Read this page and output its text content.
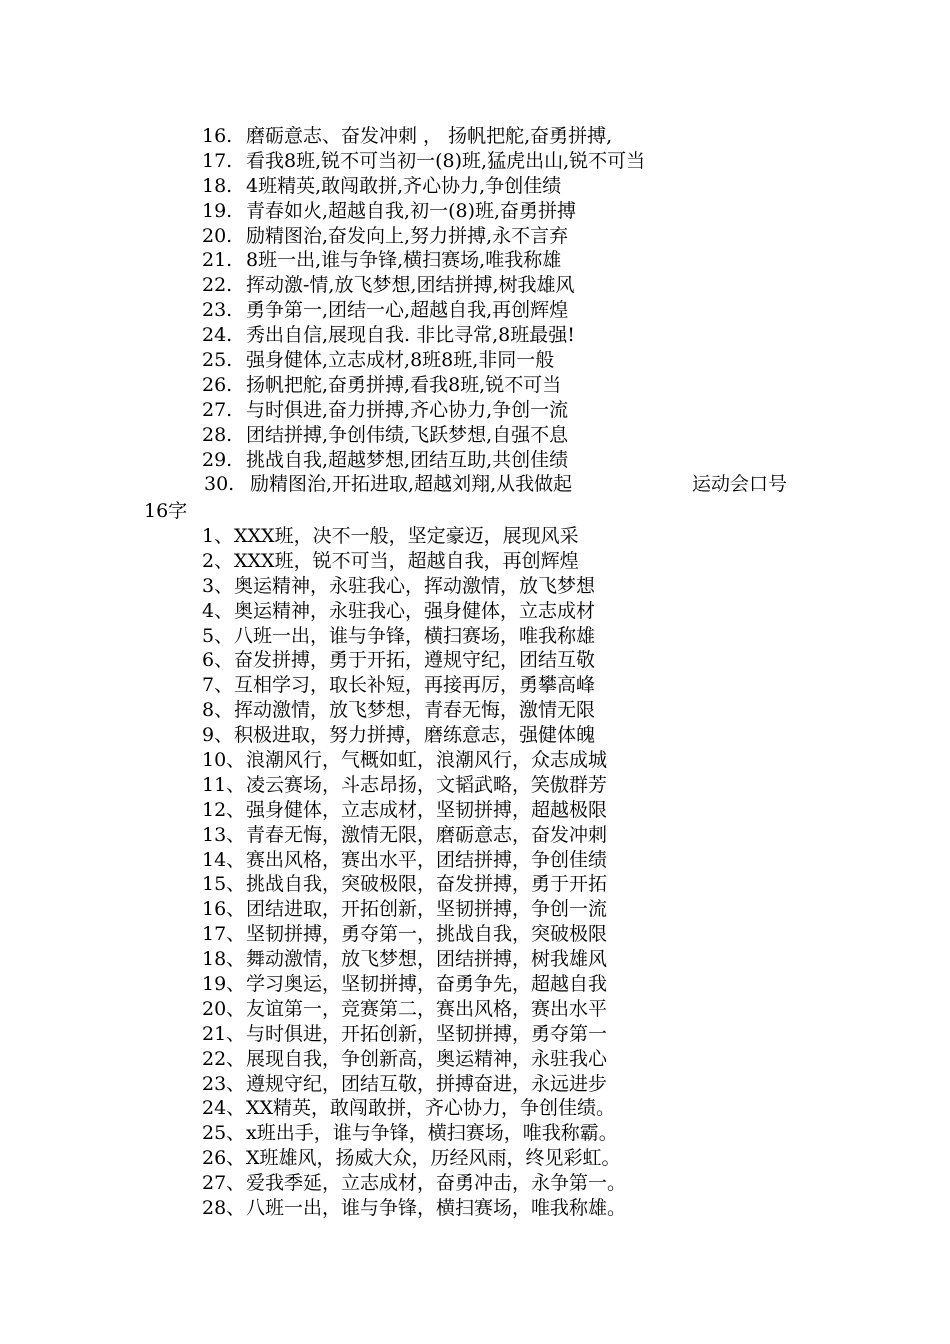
16. 磨砺意志、奋发冲刺 ， 扬帆把舵,奋勇拼搏,
17. 看我8班,锐不可当初一(8)班,猛虎出山,锐不可当
18. 4班精英,敢闯敢拼,齐心协力,争创佳绩
19. 青春如火,超越自我,初一(8)班,奋勇拼搏
20. 励精图治,奋发向上,努力拼搏,永不言弃
21. 8班一出,谁与争锋,横扫赛场,唯我称雄
22. 挥动激-情,放飞梦想,团结拼搏,树我雄风
23. 勇争第一,团结一心,超越自我,再创辉煌
24. 秀出自信,展现自我. 非比寻常,8班最强!
25. 强身健体,立志成材,8班8班,非同一般
26. 扬帆把舵,奋勇拼搏,看我8班,锐不可当
27. 与时俱进,奋力拼搏,齐心协力,争创一流
28. 团结拼搏,争创伟绩,飞跃梦想,自强不息
29. 挑战自我,超越梦想,团结互助,共创佳绩
30. 励精图治,开拓进取,超越刘翔,从我做起	运动会口号
16字
1、 XXX班，决不一般，坚定豪迈，展现风采
2、 XXX班，锐不可当，超越自我，再创辉煌
3、 奥运精神，永驻我心，挥动激情，放飞梦想
4、 奥运精神，永驻我心，强身健体，立志成材
5、 八班一出，谁与争锋，横扫赛场，唯我称雄
6、 奋发拼搏，勇于开拓，遵规守纪，团结互敬
7、 互相学习，取长补短，再接再厉，勇攀高峰
8、 挥动激情，放飞梦想，青春无悔，激情无限
9、 积极进取，努力拼搏，磨练意志，强健体魄
10、 浪潮风行，气概如虹，浪潮风行，众志成城
11、 凌云赛场，斗志昂扬，文韬武略，笑傲群芳
12、 强身健体，立志成材，坚韧拼搏，超越极限
13、 青春无悔，激情无限，磨砺意志，奋发冲刺
14、 赛出风格，赛出水平，团结拼搏，争创佳绩
15、 挑战自我，突破极限，奋发拼搏，勇于开拓
16、 团结进取，开拓创新，坚韧拼搏，争创一流
17、 坚韧拼搏，勇夺第一，挑战自我，突破极限
18、 舞动激情，放飞梦想，团结拼搏，树我雄风
19、 学习奥运，坚韧拼搏，奋勇争先，超越自我
20、 友谊第一，竞赛第二，赛出风格，赛出水平
21、 与时俱进，开拓创新，坚韧拼搏，勇夺第一
22、 展现自我，争创新高，奥运精神，永驻我心
23、 遵规守纪，团结互敬，拼搏奋进，永远进步
24、 XX精英，敢闯敢拼，齐心协力，争创佳绩。
25、 x班出手，谁与争锋，横扫赛场，唯我称霸。
26、 X班雄风，扬威大众，历经风雨，终见彩虹。
27、 爱我季延，立志成材，奋勇冲击，永争第一。
28、 八班一出，谁与争锋，横扫赛场，唯我称雄。
